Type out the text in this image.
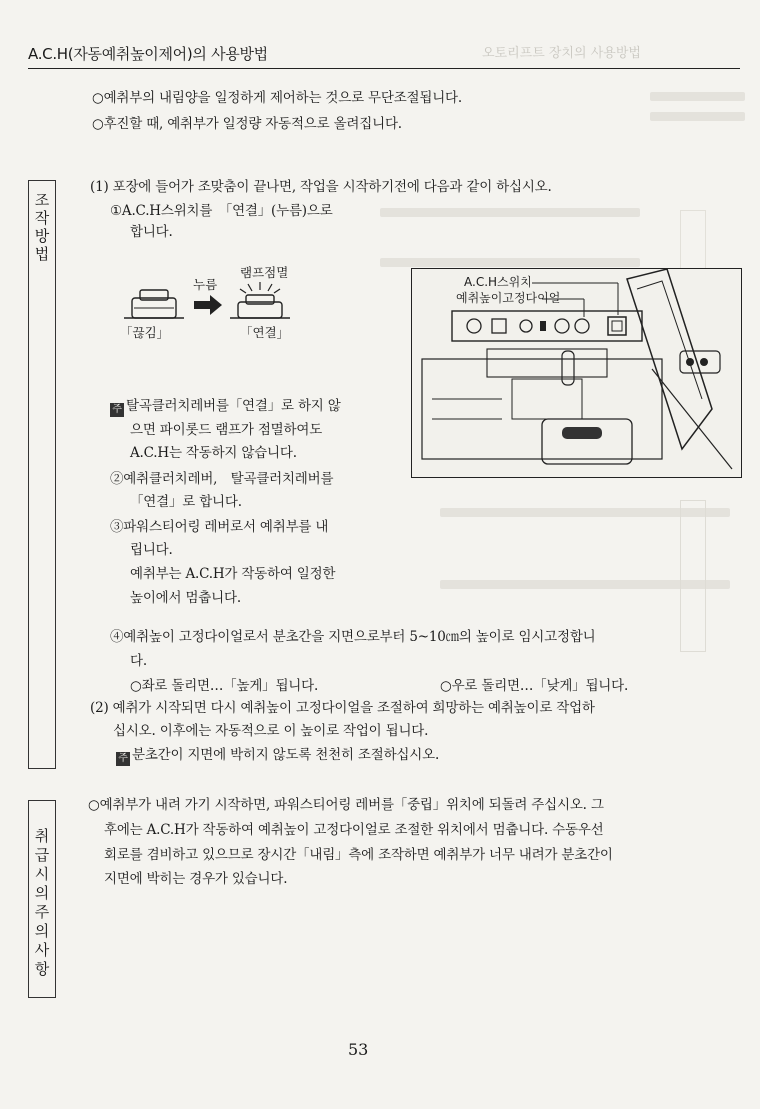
A.C.H(자동예취높이제어)의 사용방법	오토리프트 장치의 사용방법
○예취부의 내림양을 일정하게 제어하는 것으로 무단조절됩니다.
○후진할 때, 예취부가 일정량 자동적으로 올려집니다.
조작방법
(1) 포장에 들어가 조맞춤이 끝나면, 작업을 시작하기전에 다음과 같이 하십시오.
①A.C.H스위치를　「연결」(누름)으로
합니다.
누름
램프점멸
「끊김」	「연결」
A.C.H스위치
예취높이고정다이얼
주 탈곡클러치레버를「연결」로 하지 않
으면 파이롯드 램프가 점멸하여도
A.C.H는 작동하지 않습니다.
②예취클러치레버,　탈곡클러치레버를
「연결」로 합니다.
③파워스티어링 레버로서 예취부를 내
립니다.
예취부는 A.C.H가 작동하여 일정한
높이에서 멈춥니다.
④예취높이 고정다이얼로서 분초간을 지면으로부터 5~10㎝의 높이로 임시고정합니
다.
○좌로 돌리면…「높게」됩니다.	○우로 돌리면…「낮게」됩니다.
(2) 예취가 시작되면 다시 예취높이 고정다이얼을 조절하여 희망하는 예취높이로 작업하
십시오. 이후에는 자동적으로 이 높이로 작업이 됩니다.
주 분초간이 지면에 박히지 않도록 천천히 조절하십시오.

취급시의 주의사항

○예취부가 내려 가기 시작하면, 파워스티어링 레버를「중립」위치에 되돌려 주십시오. 그
후에는 A.C.H가 작동하여 예취높이 고정다이얼로 조절한 위치에서 멈춥니다. 수동우선
회로를 겸비하고 있으므로 장시간「내림」측에 조작하면 예취부가 너무 내려가 분초간이
지면에 박히는 경우가 있습니다.
53
